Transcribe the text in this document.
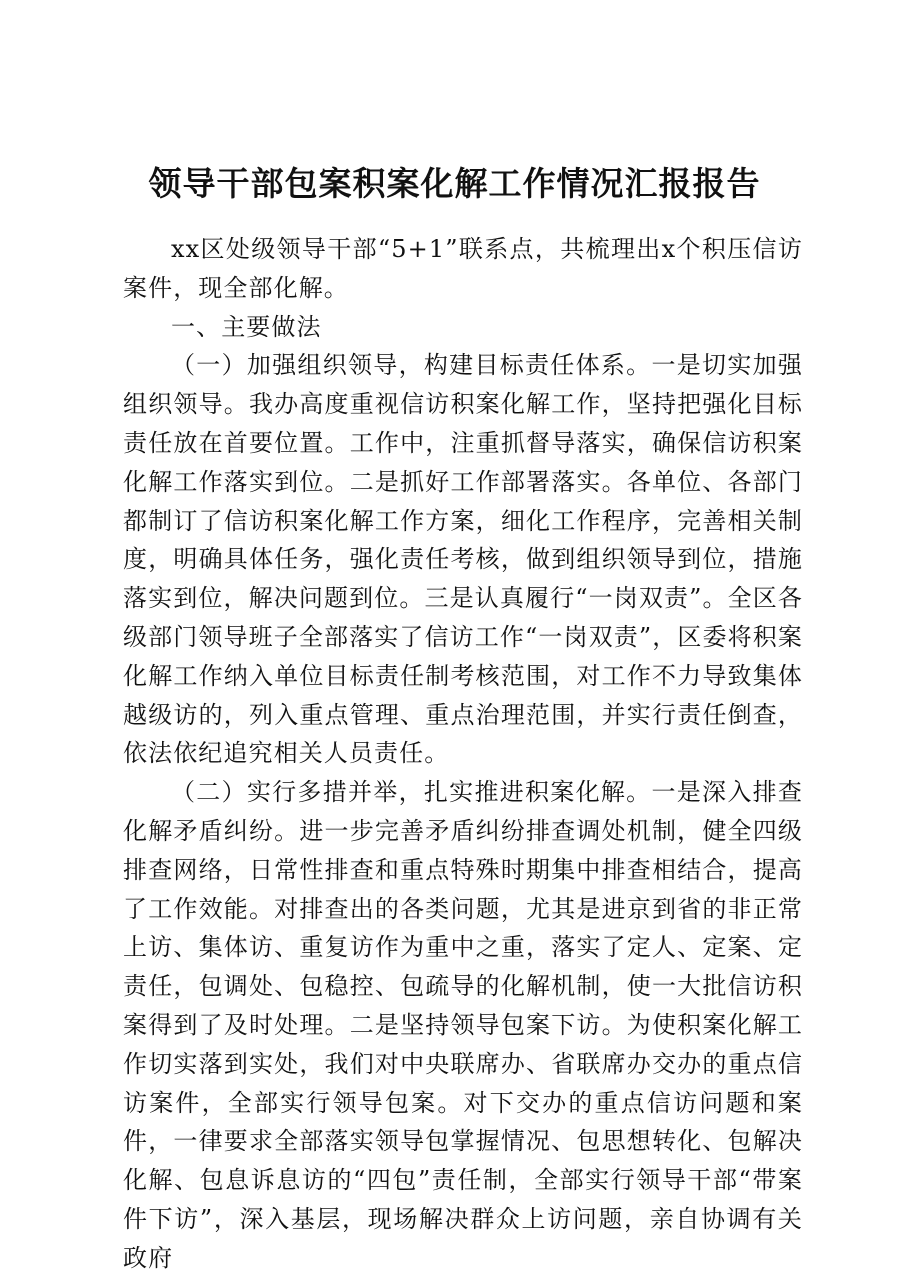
领导干部包案积案化解工作情况汇报报告

xx区处级领导干部“5+1”联系点，共梳理出x个积压信访案件，现全部化解。

一、主要做法

（一）加强组织领导，构建目标责任体系。一是切实加强组织领导。我办高度重视信访积案化解工作，坚持把强化目标责任放在首要位置。工作中，注重抓督导落实，确保信访积案化解工作落实到位。二是抓好工作部署落实。各单位、各部门都制订了信访积案化解工作方案，细化工作程序，完善相关制度，明确具体任务，强化责任考核，做到组织领导到位，措施落实到位，解决问题到位。三是认真履行“一岗双责”。全区各级部门领导班子全部落实了信访工作“一岗双责”，区委将积案化解工作纳入单位目标责任制考核范围，对工作不力导致集体越级访的，列入重点管理、重点治理范围，并实行责任倒查，依法依纪追究相关人员责任。

（二）实行多措并举，扎实推进积案化解。一是深入排查化解矛盾纠纷。进一步完善矛盾纠纷排查调处机制，健全四级排查网络，日常性排查和重点特殊时期集中排查相结合，提高了工作效能。对排查出的各类问题，尤其是进京到省的非正常上访、集体访、重复访作为重中之重，落实了定人、定案、定责任，包调处、包稳控、包疏导的化解机制，使一大批信访积案得到了及时处理。二是坚持领导包案下访。为使积案化解工作切实落到实处，我们对中央联席办、省联席办交办的重点信访案件，全部实行领导包案。对下交办的重点信访问题和案件，一律要求全部落实领导包掌握情况、包思想转化、包解决化解、包息诉息访的“四包”责任制，全部实行领导干部“带案件下访”，深入基层，现场解决群众上访问题，亲自协调有关政府
